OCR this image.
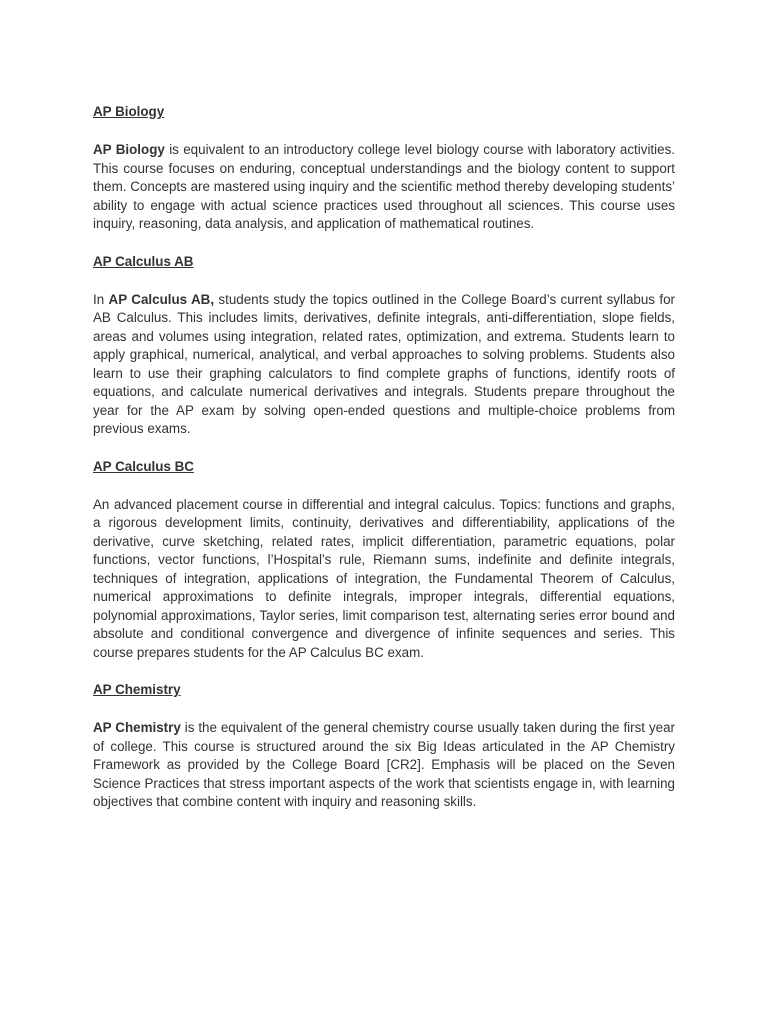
AP Biology

AP Biology is equivalent to an introductory college level biology course with laboratory activities. This course focuses on enduring, conceptual understandings and the biology content to support them. Concepts are mastered using inquiry and the scientific method thereby developing students’ ability to engage with actual science practices used throughout all sciences. This course uses inquiry, reasoning, data analysis, and application of mathematical routines.

AP Calculus AB

In AP Calculus AB, students study the topics outlined in the College Board’s current syllabus for AB Calculus. This includes limits, derivatives, definite integrals, anti-differentiation, slope fields, areas and volumes using integration, related rates, optimization, and extrema. Students learn to apply graphical, numerical, analytical, and verbal approaches to solving problems. Students also learn to use their graphing calculators to find complete graphs of functions, identify roots of equations, and calculate numerical derivatives and integrals. Students prepare throughout the year for the AP exam by solving open-ended questions and multiple-choice problems from previous exams.

AP Calculus BC

An advanced placement course in differential and integral calculus. Topics: functions and graphs, a rigorous development limits, continuity, derivatives and differentiability, applications of the derivative, curve sketching, related rates, implicit differentiation, parametric equations, polar functions, vector functions, l’Hospital’s rule, Riemann sums, indefinite and definite integrals, techniques of integration, applications of integration, the Fundamental Theorem of Calculus, numerical approximations to definite integrals, improper integrals, differential equations, polynomial approximations, Taylor series, limit comparison test, alternating series error bound and absolute and conditional convergence and divergence of infinite sequences and series. This course prepares students for the AP Calculus BC exam.

AP Chemistry

AP Chemistry is the equivalent of the general chemistry course usually taken during the first year of college. This course is structured around the six Big Ideas articulated in the AP Chemistry Framework as provided by the College Board [CR2]. Emphasis will be placed on the Seven Science Practices that stress important aspects of the work that scientists engage in, with learning objectives that combine content with inquiry and reasoning skills.
